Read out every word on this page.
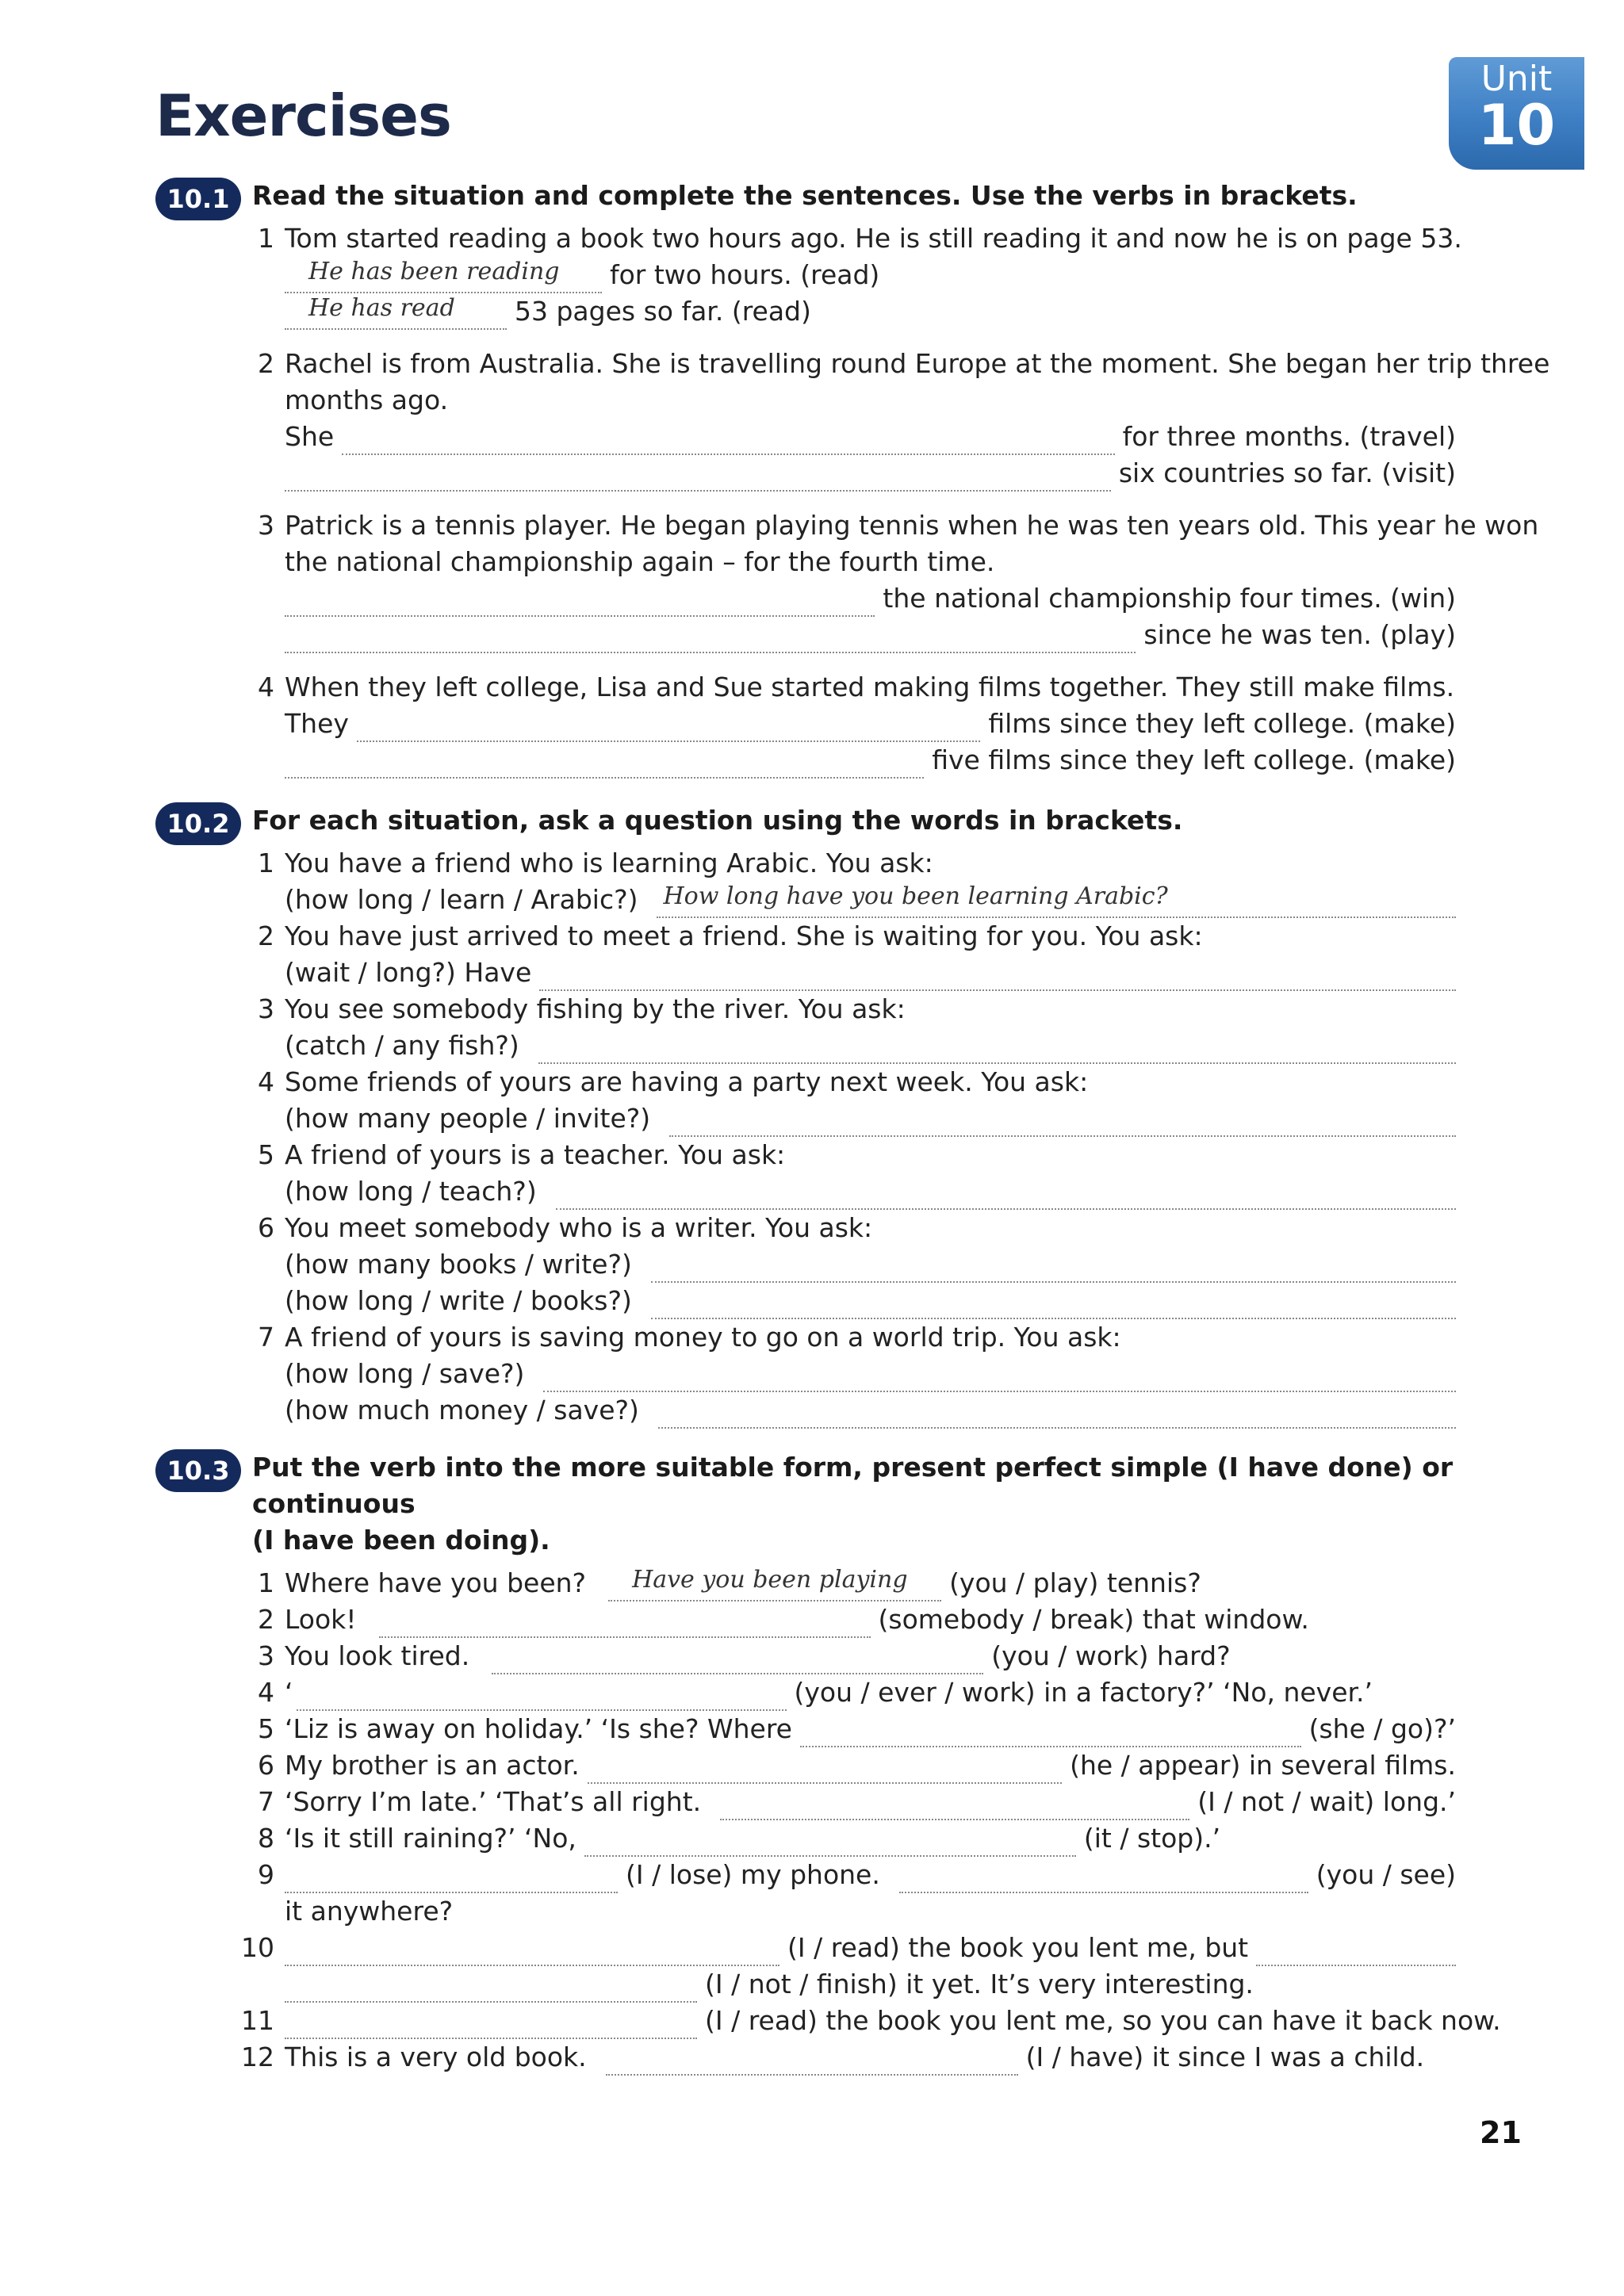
Exercises
Unit
10
10.1 Read the situation and complete the sentences. Use the verbs in brackets.
1 Tom started reading a book two hours ago. He is still reading it and now he is on page 53.
He has been reading for two hours. (read)
He has read 53 pages so far. (read)
2 Rachel is from Australia. She is travelling round Europe at the moment. She began her trip three
months ago.
She	for three months. (travel)
six countries so far. (visit)
3 Patrick is a tennis player. He began playing tennis when he was ten years old. This year he won
the national championship again – for the fourth time.
the national championship four times. (win)
since he was ten. (play)
4 When they left college, Lisa and Sue started making films together. They still make films.
They	films since they left college. (make)
five films since they left college. (make)
10.2 For each situation, ask a question using the words in brackets.
1 You have a friend who is learning Arabic. You ask:
(how long / learn / Arabic?) How long have you been learning Arabic?
2 You have just arrived to meet a friend. She is waiting for you. You ask:
(wait / long?) Have
3 You see somebody fishing by the river. You ask:
(catch / any fish?)
4 Some friends of yours are having a party next week. You ask:
(how many people / invite?)
5 A friend of yours is a teacher. You ask:
(how long / teach?)
6 You meet somebody who is a writer. You ask:
(how many books / write?)
(how long / write / books?)
7 A friend of yours is saving money to go on a world trip. You ask:
(how long / save?)
(how much money / save?)
10.3 Put the verb into the more suitable form, present perfect simple (I have done) or continuous
(I have been doing).
1 Where have you been? Have you been playing (you / play) tennis?
2 Look!	(somebody / break) that window.
3 You look tired.	(you / work) hard?
4 ‘	(you / ever / work) in a factory?’ ‘No, never.’
5 ‘Liz is away on holiday.’ ‘Is she? Where	(she / go)?’
6 My brother is an actor.	(he / appear) in several films.
7 ‘Sorry I’m late.’ ‘That’s all right.	(I / not / wait) long.’
8 ‘Is it still raining?’ ‘No,	(it / stop).’
9	(I / lose) my phone.	(you / see)
it anywhere?
10	(I / read) the book you lent me, but
(I / not / finish) it yet. It’s very interesting.
11	(I / read) the book you lent me, so you can have it back now.
12 This is a very old book.	(I / have) it since I was a child.
21
